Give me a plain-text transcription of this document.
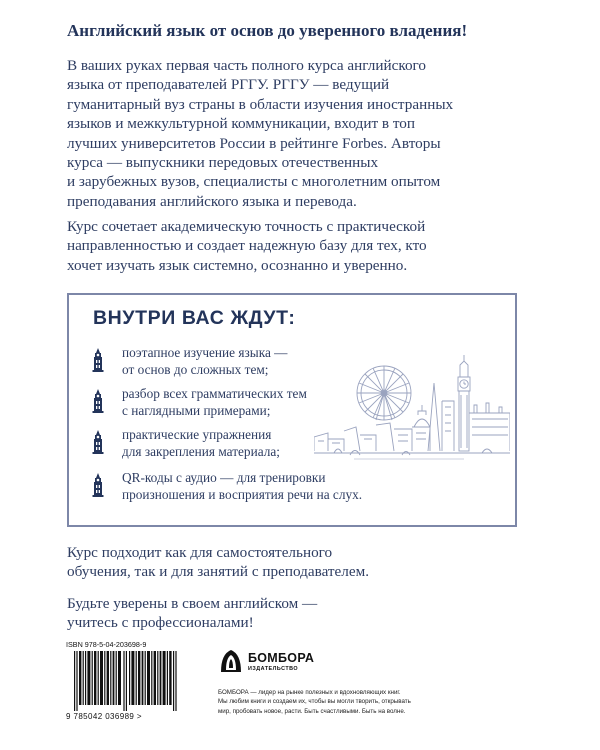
Английский язык от основ до уверенного владения!

В ваших руках первая часть полного курса английского

языка от преподавателей РГГУ. РГГУ — ведущий

гуманитарный вуз страны в области изучения иностранных

языков и межкультурной коммуникации, входит в топ

лучших университетов России в рейтинге Forbes. Авторы

курса — выпускники передовых отечественных

и зарубежных вузов, специалисты с многолетним опытом

преподавания английского языка и перевода.

Курс сочетает академическую точность с практической

направленностью и создает надежную базу для тех, кто

хочет изучать язык системно, осознанно и уверенно.

ВНУТРИ ВАС ЖДУТ:
поэтапное изучение языка —
от основ до сложных тем;
разбор всех грамматических тем
с наглядными примерами;
практические упражнения
для закрепления материала;
QR-коды с аудио — для тренировки
произношения и восприятия речи на слух.

Курс подходит как для самостоятельного

обучения, так и для занятий с преподавателем.

Будьте уверены в своем английском —

учитесь с профессионалами!

ISBN 978-5-04-203698-9
9 785042 036989 >
БОМБОРА
ИЗДАТЕЛЬСТВО
БОМБОРА — лидер на рынке полезных и вдохновляющих книг.
Мы любим книги и создаем их, чтобы вы могли творить, открывать
мир, пробовать новое, расти. Быть счастливыми. Быть на волне.
